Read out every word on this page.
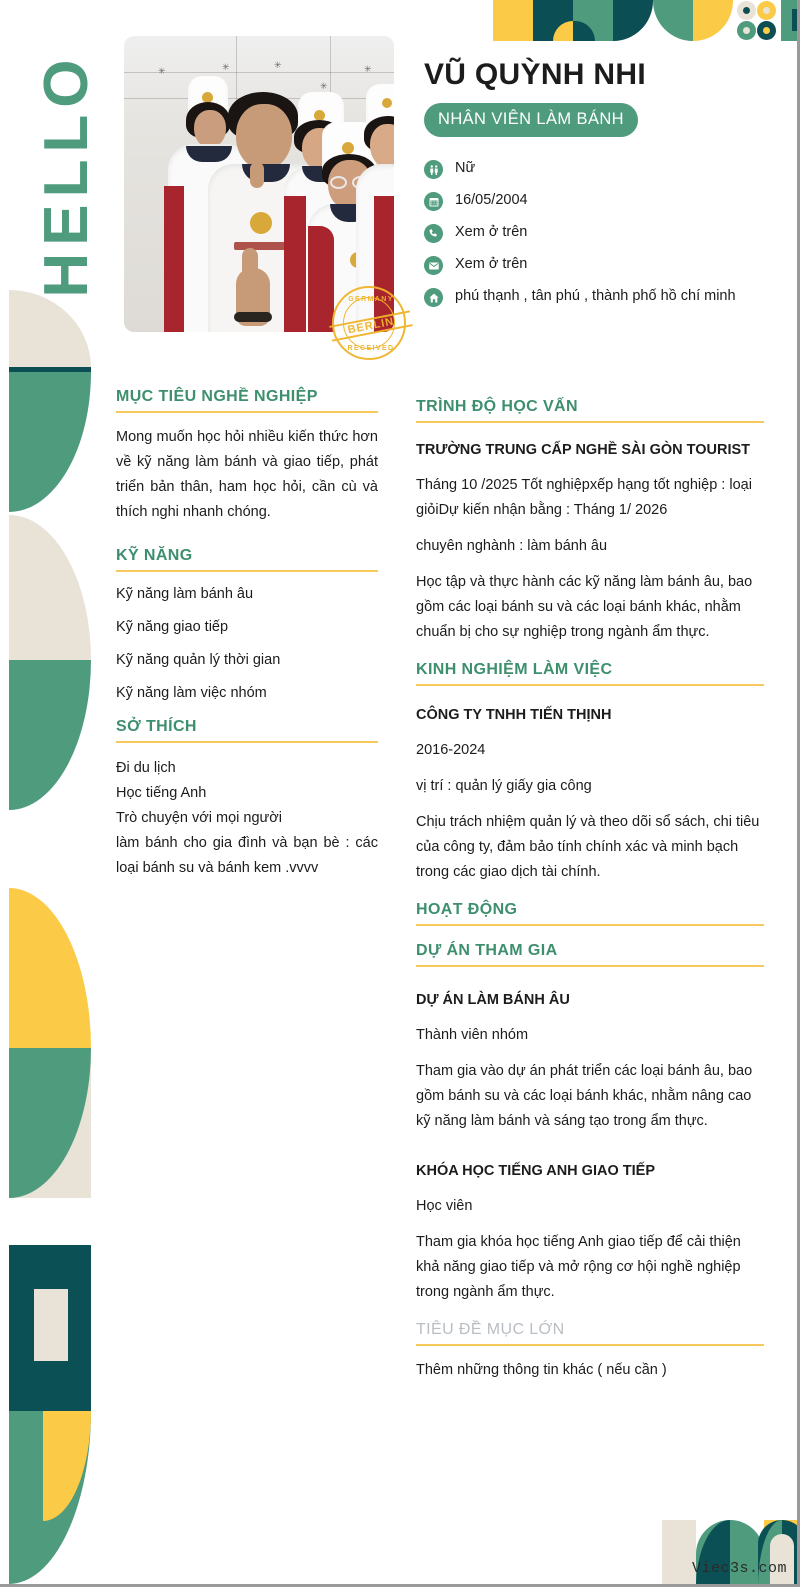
HELLO	✳	✳	✳
✳
✳
GERMANY
BERLIN
RECEIVED
VŨ QUỲNH NHI
NHÂN VIÊN LÀM BÁNH
Nữ
16/05/2004
Xem ở trên
Xem ở trên
phú thạnh , tân phú , thành phố hồ chí minh
MỤC TIÊU NGHỀ NGHIỆP
Mong muốn học hỏi nhiều kiến thức hơn về kỹ năng làm bánh và giao tiếp, phát triển bản thân, ham học hỏi, cần cù và thích nghi nhanh chóng.
KỸ NĂNG
Kỹ năng làm bánh âu
Kỹ năng giao tiếp
Kỹ năng quản lý thời gian
Kỹ năng làm việc nhóm
SỞ THÍCH
Đi du lịch
Học tiếng Anh
Trò chuyện với mọi người
làm bánh cho gia đình và bạn bè : các loại bánh su và bánh kem .vvvv
TRÌNH ĐỘ HỌC VẤN
TRƯỜNG TRUNG CẤP NGHỀ SÀI GÒN TOURIST
Tháng 10 /2025 Tốt nghiệpxếp hạng tốt nghiệp : loại giỏiDự kiến nhận bằng : Tháng 1/ 2026
chuyên nghành : làm bánh âu
Học tập và thực hành các kỹ năng làm bánh âu, bao gồm các loại bánh su và các loại bánh khác, nhằm chuẩn bị cho sự nghiệp trong ngành ẩm thực.
KINH NGHIỆM LÀM VIỆC
CÔNG TY TNHH TIẾN THỊNH
2016-2024
vị trí : quản lý giấy gia công
Chịu trách nhiệm quản lý và theo dõi sổ sách, chi tiêu của công ty, đảm bảo tính chính xác và minh bạch trong các giao dịch tài chính.
HOẠT ĐỘNG
DỰ ÁN THAM GIA
DỰ ÁN LÀM BÁNH ÂU
Thành viên nhóm
Tham gia vào dự án phát triển các loại bánh âu, bao gồm bánh su và các loại bánh khác, nhằm nâng cao kỹ năng làm bánh và sáng tạo trong ẩm thực.
KHÓA HỌC TIẾNG ANH GIAO TIẾP
Học viên
Tham gia khóa học tiếng Anh giao tiếp để cải thiện khả năng giao tiếp và mở rộng cơ hội nghề nghiệp trong ngành ẩm thực.
TIÊU ĐỀ MỤC LỚN
Thêm những thông tin khác ( nếu cần )
Viec3s.com
